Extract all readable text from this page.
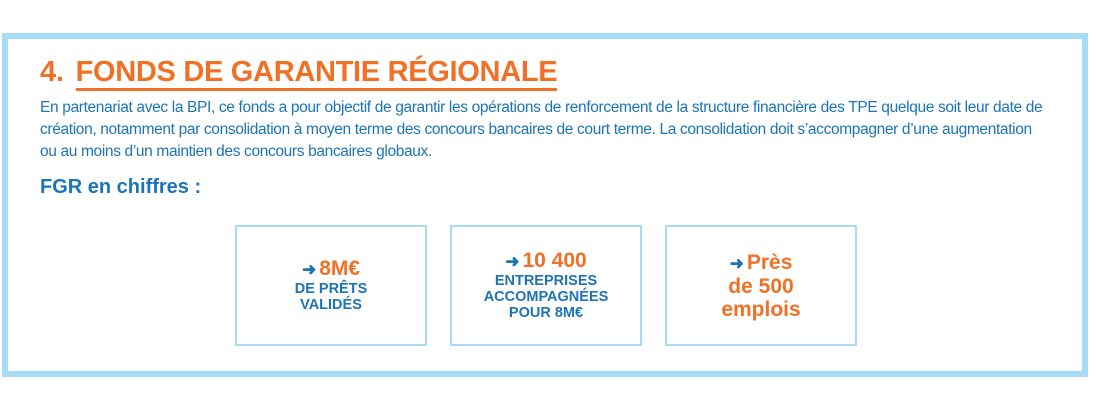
4. FONDS DE GARANTIE RÉGIONALE
En partenariat avec la BPI, ce fonds a pour objectif de garantir les opérations de renforcement de la structure financière des TPE quelque soit leur date de création, notamment par consolidation à moyen terme des concours bancaires de court terme. La consolidation doit s’accompagner d’une augmentation ou au moins d’un maintien des concours bancaires globaux.
FGR en chiffres :
➜ 8M€
DE PRÊTS
VALIDÉS
➜ 10 400
ENTREPRISES
ACCOMPAGNÉES
POUR 8M€
➜ Près
de 500
emplois
